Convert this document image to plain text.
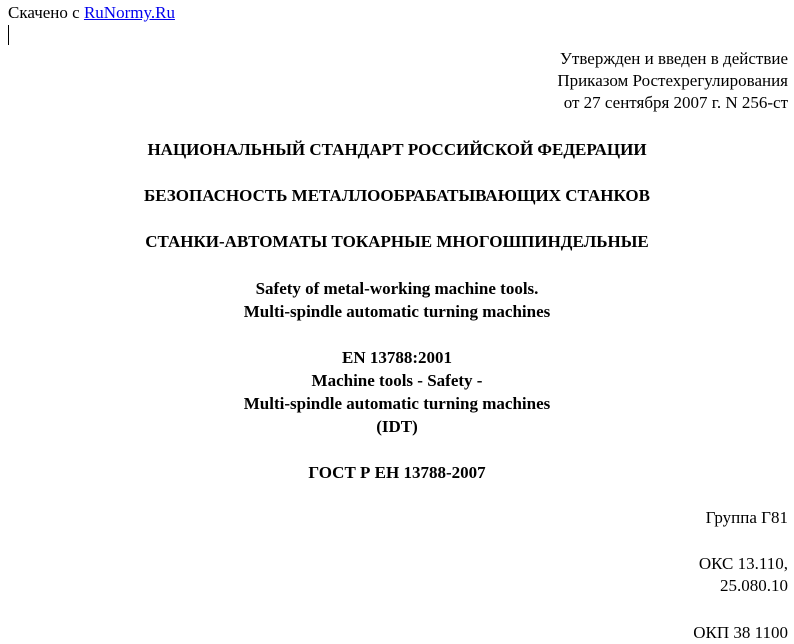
Скачено с RuNormy.Ru
Утвержден и введен в действие
Приказом Ростехрегулирования
от 27 сентября 2007 г. N 256-ст
НАЦИОНАЛЬНЫЙ СТАНДАРТ РОССИЙСКОЙ ФЕДЕРАЦИИ
БЕЗОПАСНОСТЬ МЕТАЛЛООБРАБАТЫВАЮЩИХ СТАНКОВ
СТАНКИ-АВТОМАТЫ ТОКАРНЫЕ МНОГОШПИНДЕЛЬНЫЕ
Safety of metal-working machine tools.
Multi-spindle automatic turning machines
EN 13788:2001
Machine tools - Safety -
Multi-spindle automatic turning machines
(IDT)
ГОСТ Р ЕН 13788-2007
Группа Г81
ОКС 13.110,
25.080.10
ОКП 38 1100
